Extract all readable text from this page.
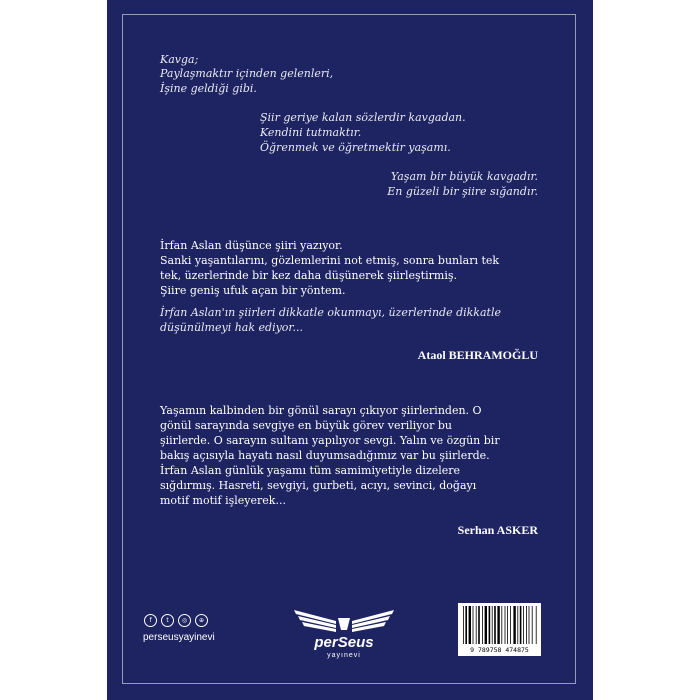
Kavga;
Paylaşmaktır içinden gelenleri,
İşine geldiği gibi.
Şiir geriye kalan sözlerdir kavgadan.
Kendini tutmaktır.
Öğrenmek ve öğretmektir yaşamı.
Yaşam bir büyük kavgadır.
En güzeli bir şiire sığandır.
İrfan Aslan düşünce şiiri yazıyor.
Sanki yaşantılarını, gözlemlerini not etmiş, sonra bunları tek
tek, üzerlerinde bir kez daha düşünerek şiirleştirmiş.
Şiire geniş ufuk açan bir yöntem.
İrfan Aslan'ın şiirleri dikkatle okunmayı, üzerlerinde dikkatle
düşünülmeyi hak ediyor...
Ataol BEHRAMOĞLU
Yaşamın kalbinden bir gönül sarayı çıkıyor şiirlerinden. O
gönül sarayında sevgiye en büyük görev veriliyor bu
şiirlerde. O sarayın sultanı yapılıyor sevgi. Yalın ve özgün bir
bakış açısıyla hayatı nasıl duyumsadığımız var bu şiirlerde.
İrfan Aslan günlük yaşamı tüm samimiyetiyle dizelere
sığdırmış. Hasreti, sevgiyi, gurbeti, acıyı, sevinci, doğayı
motif motif işleyerek...
Serhan ASKER
f	t	◎	⊕
perseusyayinevi	perSeus
yayınevi
9 789758 474875
